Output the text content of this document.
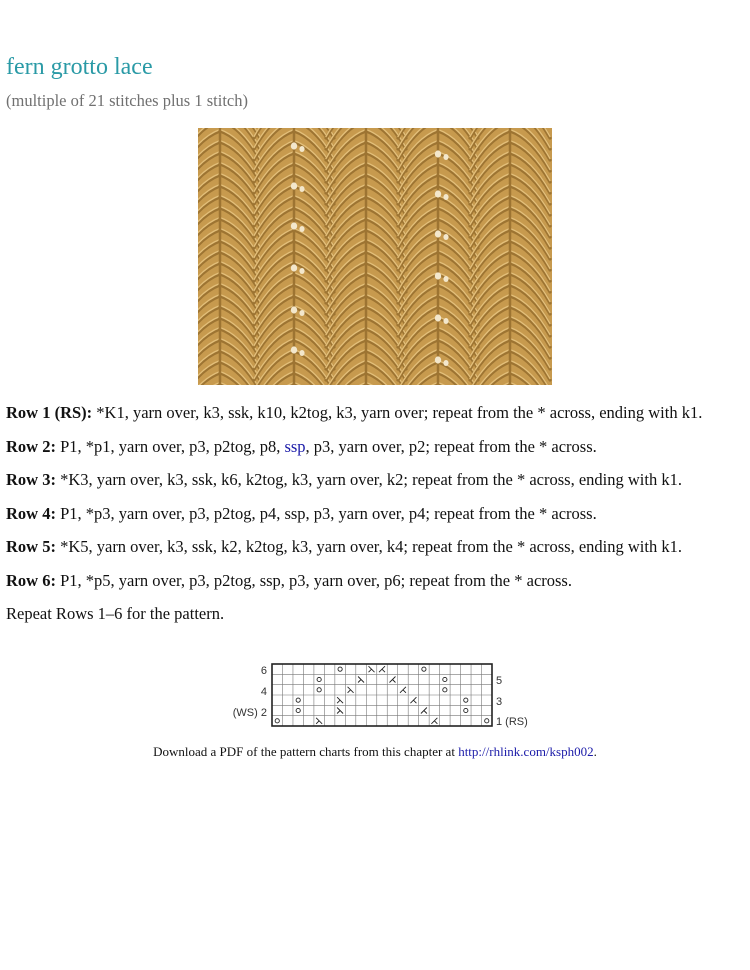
fern grotto lace
(multiple of 21 stitches plus 1 stitch)

Row 1 (RS): *K1, yarn over, k3, ssk, k10, k2tog, k3, yarn over; repeat from the * across, ending with k1.

Row 2: P1, *p1, yarn over, p3, p2tog, p8, ssp, p3, yarn over, p2; repeat from the * across.

Row 3: *K3, yarn over, k3, ssk, k6, k2tog, k3, yarn over, k2; repeat from the * across, ending with k1.

Row 4: P1, *p3, yarn over, p3, p2tog, p4, ssp, p3, yarn over, p4; repeat from the * across.

Row 5: *K5, yarn over, k3, ssk, k2, k2tog, k3, yarn over, k4; repeat from the * across, ending with k1.

Row 6: P1, *p5, yarn over, p3, p2tog, ssp, p3, yarn over, p6; repeat from the * across.

Repeat Rows 1–6 for the pattern.

6
4
(WS) 2
5
3
1 (RS)
Download a PDF of the pattern charts from this chapter at http://rhlink.com/ksph002.
